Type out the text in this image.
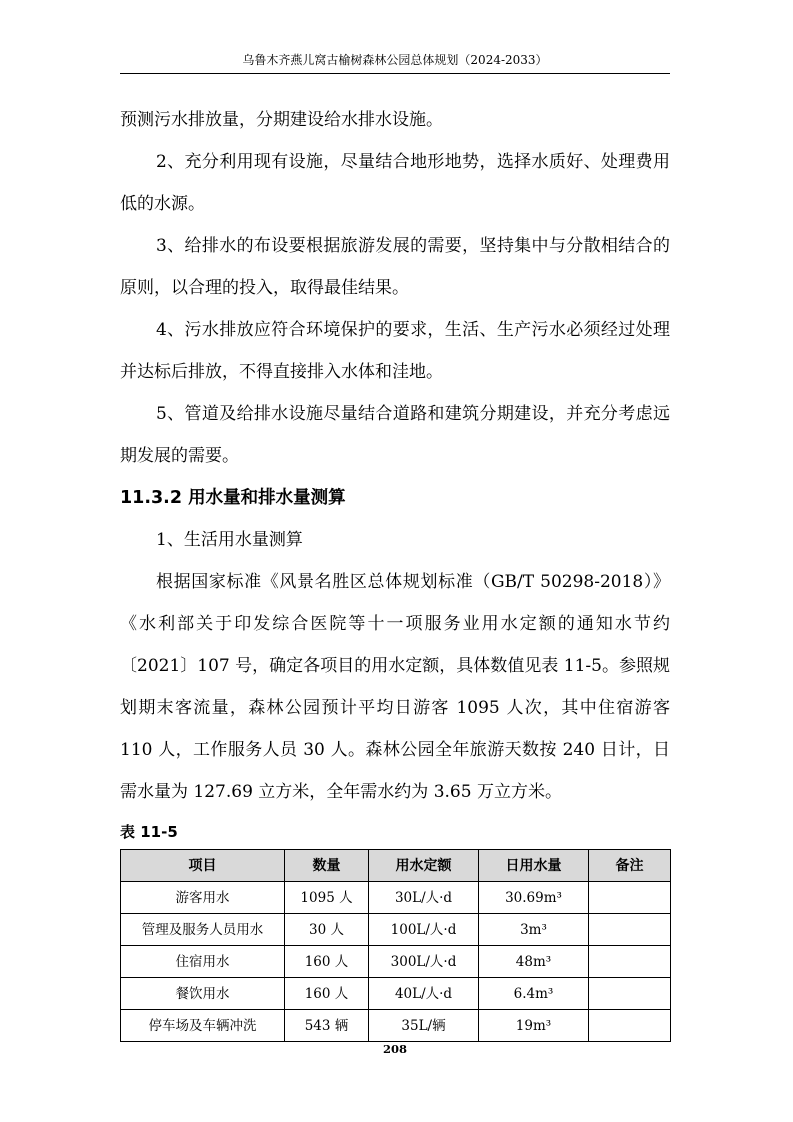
乌鲁木齐燕儿窝古榆树森林公园总体规划（2024-2033）

预测污水排放量，分期建设给水排水设施。

2、充分利用现有设施，尽量结合地形地势，选择水质好、处理费用低的水源。

3、给排水的布设要根据旅游发展的需要，坚持集中与分散相结合的原则，以合理的投入，取得最佳结果。

4、污水排放应符合环境保护的要求，生活、生产污水必须经过处理并达标后排放，不得直接排入水体和洼地。

5、管道及给排水设施尽量结合道路和建筑分期建设，并充分考虑远期发展的需要。

11.3.2 用水量和排水量测算

1、生活用水量测算

根据国家标准《风景名胜区总体规划标准（GB/T 50298-2018）》《水利部关于印发综合医院等十一项服务业用水定额的通知水节约〔2021〕107 号，确定各项目的用水定额，具体数值见表 11-5。参照规划期末客流量，森林公园预计平均日游客 1095 人次，其中住宿游客 110 人，工作服务人员 30 人。森林公园全年旅游天数按 240 日计，日需水量为 127.69 立方米，全年需水约为 3.65 万立方米。

表 11-5
项目	数量	用水定额	日用水量	备注
游客用水	1095 人	30L/人·d	30.69m³	
管理及服务人员用水	30 人	100L/人·d	3m³	
住宿用水	160 人	300L/人·d	48m³	
餐饮用水	160 人	40L/人·d	6.4m³	
停车场及车辆冲洗	543 辆	35L/辆	19m³	
208
